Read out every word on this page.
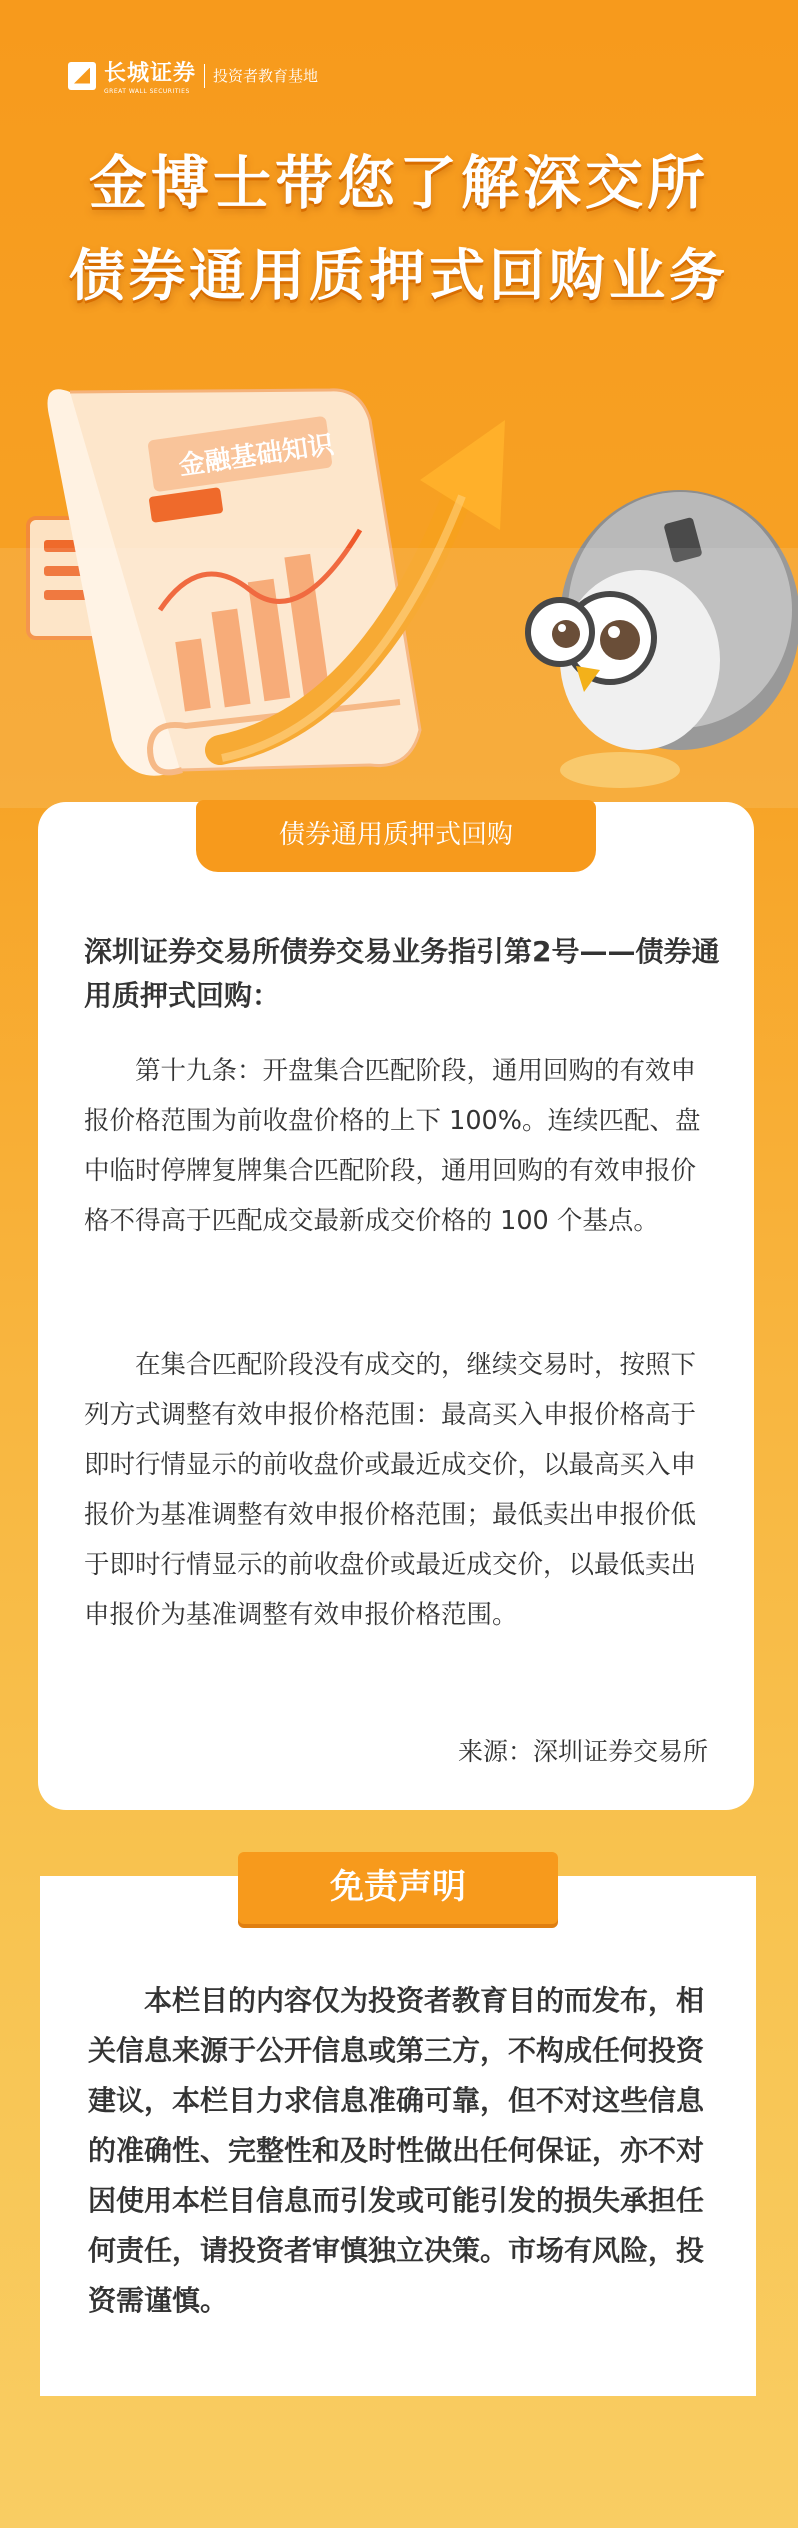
长城证券
GREAT WALL SECURITIES
投资者教育基地
金博士带您了解深交所
债券通用质押式回购业务
金融基础知识
债券通用质押式回购
深圳证券交易所债券交易业务指引第2号——债券通用质押式回购：
第十九条：开盘集合匹配阶段，通用回购的有效申报价格范围为前收盘价格的上下 100%。连续匹配、盘中临时停牌复牌集合匹配阶段，通用回购的有效申报价格不得高于匹配成交最新成交价格的 100 个基点。
在集合匹配阶段没有成交的，继续交易时，按照下列方式调整有效申报价格范围：最高买入申报价格高于即时行情显示的前收盘价或最近成交价，以最高买入申报价为基准调整有效申报价格范围；最低卖出申报价低于即时行情显示的前收盘价或最近成交价，以最低卖出申报价为基准调整有效申报价格范围。
来源：深圳证券交易所
免责声明
本栏目的内容仅为投资者教育目的而发布，相关信息来源于公开信息或第三方，不构成任何投资建议，本栏目力求信息准确可靠，但不对这些信息的准确性、完整性和及时性做出任何保证，亦不对因使用本栏目信息而引发或可能引发的损失承担任何责任，请投资者审慎独立决策。市场有风险，投资需谨慎。
